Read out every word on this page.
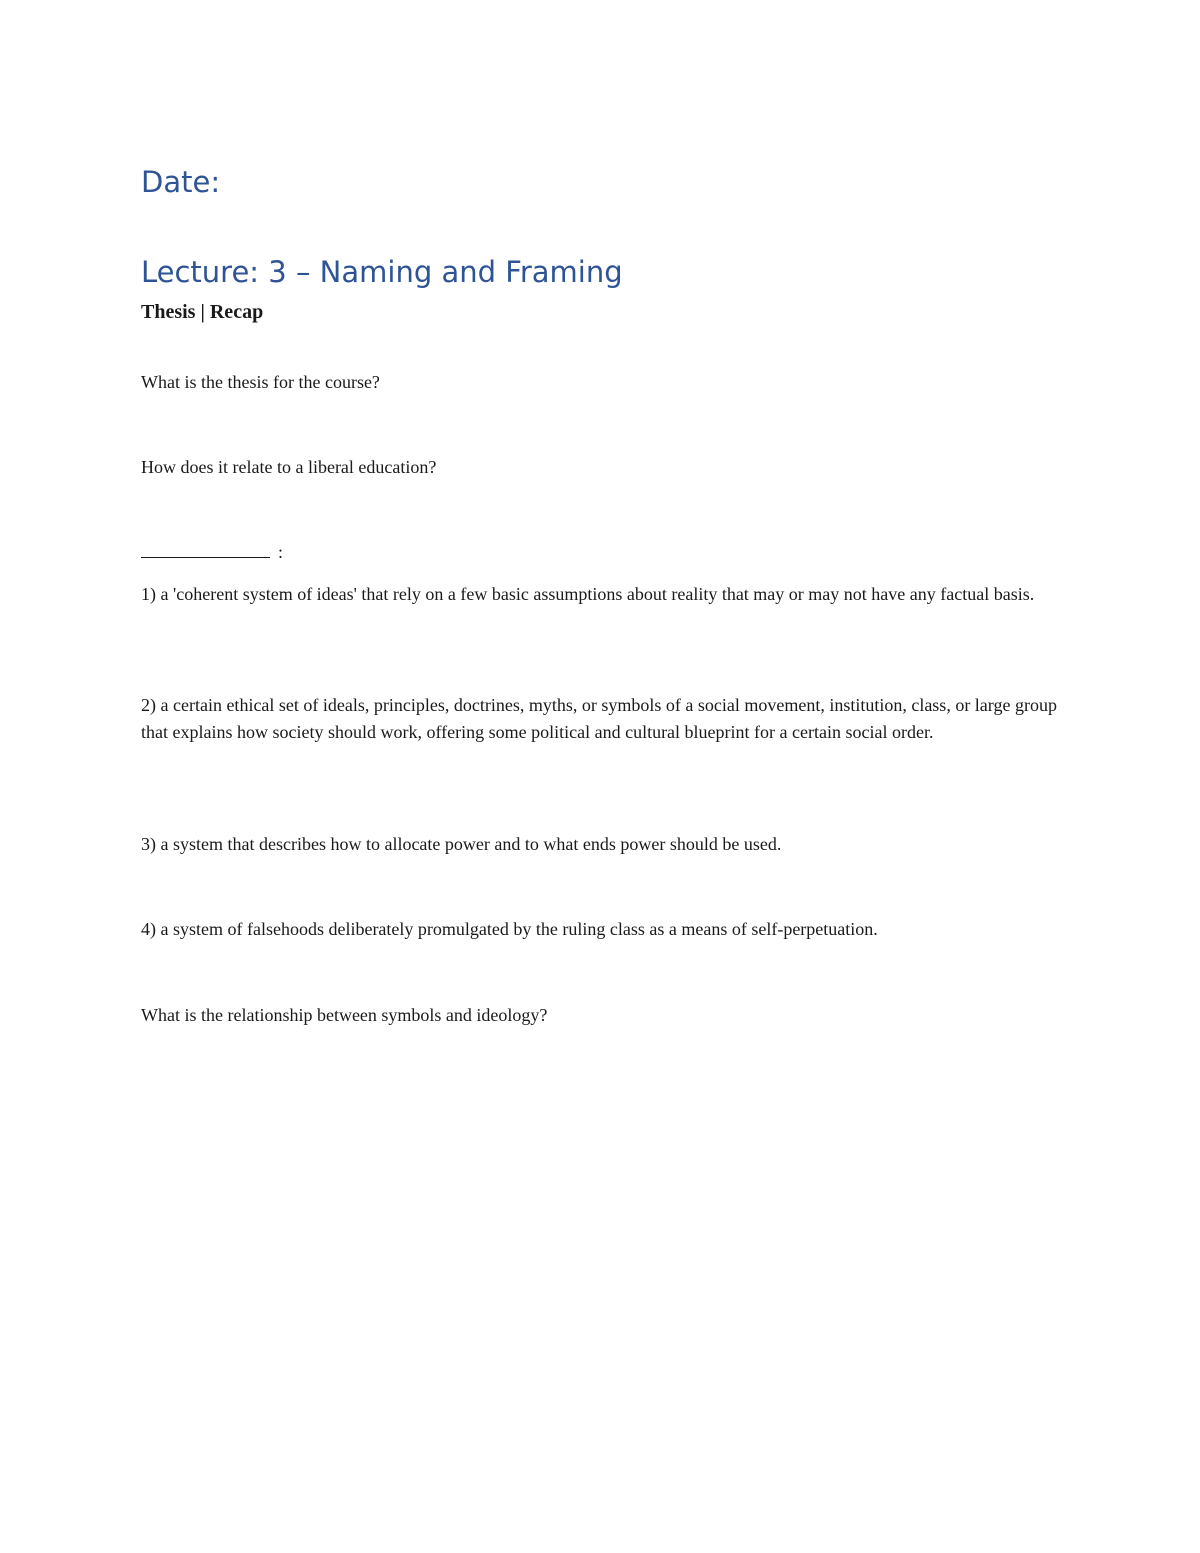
Date:
Lecture: 3 – Naming and Framing
Thesis | Recap

What is the thesis for the course?

How does it relate to a liberal education?

:

1) a 'coherent system of ideas' that rely on a few basic assumptions about reality that may or may not have any factual basis.

2) a certain ethical set of ideals, principles, doctrines, myths, or symbols of a social movement, institution, class, or large group that explains how society should work, offering some political and cultural blueprint for a certain social order.

3) a system that describes how to allocate power and to what ends power should be used.

4) a system of falsehoods deliberately promulgated by the ruling class as a means of self-perpetuation.

What is the relationship between symbols and ideology?
